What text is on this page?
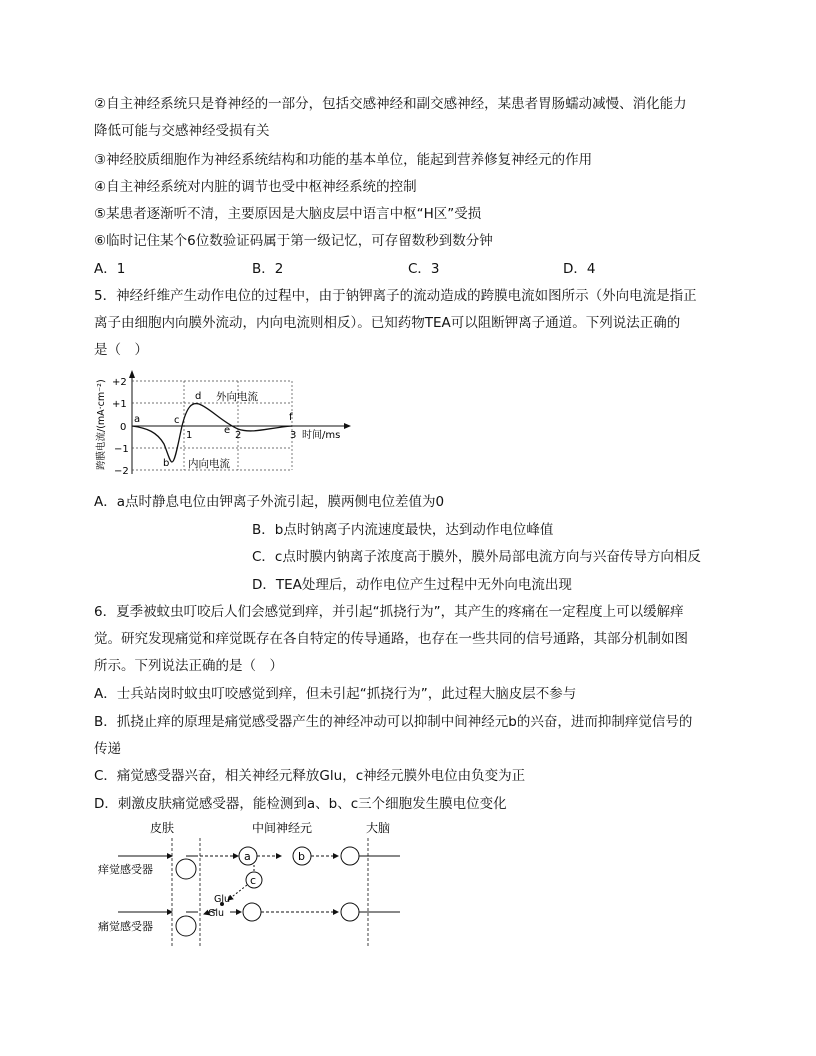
②自主神经系统只是脊神经的一部分，包括交感神经和副交感神经，某患者胃肠蠕动减慢、消化能力
降低可能与交感神经受损有关
③神经胶质细胞作为神经系统结构和功能的基本单位，能起到营养修复神经元的作用
④自主神经系统对内脏的调节也受中枢神经系统的控制
⑤某患者逐渐听不清，主要原因是大脑皮层中语言中枢“H区”受损
⑥临时记住某个6位数验证码属于第一级记忆，可存留数秒到数分钟
A．1	B．2	C．3	D．4
5．神经纤维产生动作电位的过程中，由于钠钾离子的流动造成的跨膜电流如图所示（外向电流是指正
离子由细胞内向膜外流动，内向电流则相反）。已知药物TEA可以阻断钾离子通道。下列说法正确的
是（　）
跨膜电流/(mA·cm⁻²) +2
+1
0
−1
−2
1	2	3 时间/ms
a
b
c
d
e
f
外向电流
内向电流
A．a点时静息电位由钾离子外流引起，膜两侧电位差值为0
B．b点时钠离子内流速度最快，达到动作电位峰值
C．c点时膜内钠离子浓度高于膜外，膜外局部电流方向与兴奋传导方向相反
D．TEA处理后，动作电位产生过程中无外向电流出现
6．夏季被蚊虫叮咬后人们会感觉到痒，并引起“抓挠行为”，其产生的疼痛在一定程度上可以缓解痒
觉。研究发现痛觉和痒觉既存在各自特定的传导通路，也存在一些共同的信号通路，其部分机制如图
所示。下列说法正确的是（　）
A．士兵站岗时蚊虫叮咬感觉到痒，但未引起“抓挠行为”，此过程大脑皮层不参与
B．抓挠止痒的原理是痛觉感受器产生的神经冲动可以抑制中间神经元b的兴奋，进而抑制痒觉信号的
传递
C．痛觉感受器兴奋，相关神经元释放Glu，c神经元膜外电位由负变为正
D．刺激皮肤痛觉感受器，能检测到a、b、c三个细胞发生膜电位变化
皮肤	中间神经元	大脑
a	b
c
Glu
Glu
痒觉感受器
痛觉感受器
